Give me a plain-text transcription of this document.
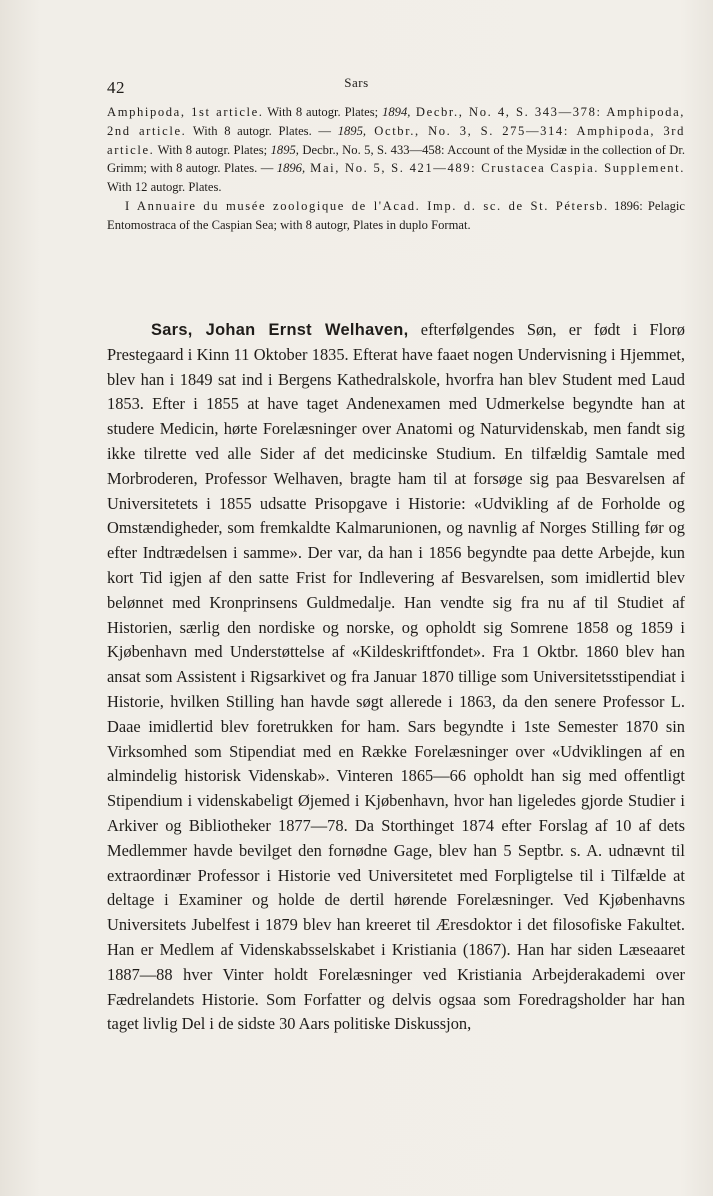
42	Sars

Amphipoda, 1st article. With 8 autogr. Plates; 1894, Decbr., No. 4, S. 343—378: Amphipoda, 2nd article. With 8 autogr. Plates. — 1895, Octbr., No. 3, S. 275—314: Amphipoda, 3rd article. With 8 autogr. Plates; 1895, Decbr., No. 5, S. 433—458: Account of the Mysidæ in the collection of Dr. Grimm; with 8 autogr. Plates. — 1896, Mai, No. 5, S. 421—489: Crustacea Caspia. Supplement. With 12 autogr. Plates.

I Annuaire du musée zoologique de l'Acad. Imp. d. sc. de St. Pétersb. 1896: Pelagic Entomostraca of the Caspian Sea; with 8 autogr, Plates in duplo Format.

Sars, Johan Ernst Welhaven, efterfølgendes Søn, er født i Florø Prestegaard i Kinn 11 Oktober 1835. Efterat have faaet nogen Undervisning i Hjemmet, blev han i 1849 sat ind i Bergens Kathedralskole, hvorfra han blev Student med Laud 1853. Efter i 1855 at have taget Andenexamen med Udmerkelse begyndte han at studere Medicin, hørte Forelæsninger over Anatomi og Naturvidenskab, men fandt sig ikke tilrette ved alle Sider af det medicinske Studium. En tilfældig Samtale med Morbroderen, Professor Welhaven, bragte ham til at forsøge sig paa Besvarelsen af Universitetets i 1855 udsatte Prisopgave i Historie: «Udvikling af de Forholde og Omstændigheder, som fremkaldte Kalmarunionen, og navnlig af Norges Stilling før og efter Indtrædelsen i samme». Der var, da han i 1856 begyndte paa dette Arbejde, kun kort Tid igjen af den satte Frist for Indlevering af Besvarelsen, som imidlertid blev belønnet med Kronprinsens Guldmedalje. Han vendte sig fra nu af til Studiet af Historien, særlig den nordiske og norske, og opholdt sig Somrene 1858 og 1859 i Kjøbenhavn med Understøttelse af «Kildeskriftfondet». Fra 1 Oktbr. 1860 blev han ansat som Assistent i Rigsarkivet og fra Januar 1870 tillige som Universitetsstipendiat i Historie, hvilken Stilling han havde søgt allerede i 1863, da den senere Professor L. Daae imidlertid blev foretrukken for ham. Sars begyndte i 1ste Semester 1870 sin Virksomhed som Stipendiat med en Række Forelæsninger over «Udviklingen af en almindelig historisk Videnskab». Vinteren 1865—66 opholdt han sig med offentligt Stipendium i videnskabeligt Øjemed i Kjøbenhavn, hvor han ligeledes gjorde Studier i Arkiver og Bibliotheker 1877—78. Da Storthinget 1874 efter Forslag af 10 af dets Medlemmer havde bevilget den fornødne Gage, blev han 5 Septbr. s. A. udnævnt til extraordinær Professor i Historie ved Universitetet med Forpligtelse til i Tilfælde at deltage i Examiner og holde de dertil hørende Forelæsninger. Ved Kjøbenhavns Universitets Jubelfest i 1879 blev han kreeret til Æresdoktor i det filosofiske Fakultet. Han er Medlem af Videnskabsselskabet i Kristiania (1867). Han har siden Læseaaret 1887—88 hver Vinter holdt Forelæsninger ved Kristiania Arbejderakademi over Fædrelandets Historie. Som Forfatter og delvis ogsaa som Foredragsholder har han taget livlig Del i de sidste 30 Aars politiske Diskussjon,
